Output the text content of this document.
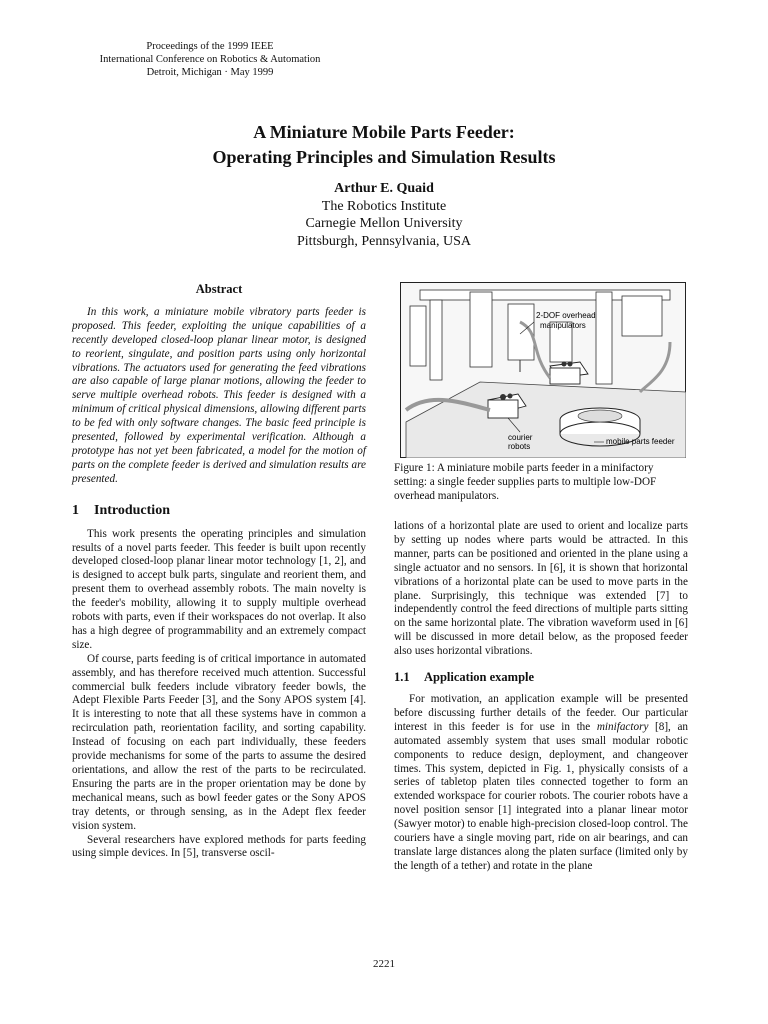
Proceedings of the 1999 IEEE
International Conference on Robotics & Automation
Detroit, Michigan · May 1999
A Miniature Mobile Parts Feeder:
Operating Principles and Simulation Results
Arthur E. Quaid
The Robotics Institute
Carnegie Mellon University
Pittsburgh, Pennsylvania, USA
Abstract

In this work, a miniature mobile vibratory parts feeder is proposed. This feeder, exploiting the unique capabilities of a recently developed closed-loop planar linear motor, is designed to reorient, singulate, and position parts using only horizontal vibrations. The actuators used for generating the feed vibrations are also capable of large planar motions, allowing the feeder to serve multiple overhead robots. This feeder is designed with a minimum of critical physical dimensions, allowing different parts to be fed with only software changes. The basic feed principle is presented, followed by experimental verification. Although a prototype has not yet been fabricated, a model for the motion of parts on the complete feeder is derived and simulation results are presented.

1 Introduction

This work presents the operating principles and simulation results of a novel parts feeder. This feeder is built upon recently developed closed-loop planar linear motor technology [1, 2], and is designed to accept bulk parts, singulate and reorient them, and present them to overhead assembly robots. The main novelty is the feeder's mobility, allowing it to supply multiple overhead robots with parts, even if their workspaces do not overlap. It also has a high degree of programmability and an extremely compact size.

Of course, parts feeding is of critical importance in automated assembly, and has therefore received much attention. Successful commercial bulk feeders include vibratory feeder bowls, the Adept Flexible Parts Feeder [3], and the Sony APOS system [4]. It is interesting to note that all these systems have in common a recirculation path, reorientation facility, and sorting capability. Instead of focusing on each part individually, these feeders provide mechanisms for some of the parts to assume the desired orientations, and allow the rest of the parts to be recirculated. Ensuring the parts are in the proper orientation may be done by mechanical means, such as bowl feeder gates or the Sony APOS tray detents, or through sensing, as in the Adept flex feeder vision system.

Several researchers have explored methods for parts feeding using simple devices. In [5], transverse oscil-

2-DOF overhead
manipulators
courier
robots
mobile parts feeder
Figure 1: A miniature mobile parts feeder in a minifactory setting: a single feeder supplies parts to multiple low-DOF overhead manipulators.

lations of a horizontal plate are used to orient and localize parts by setting up nodes where parts would be attracted. In this manner, parts can be positioned and oriented in the plane using a single actuator and no sensors. In [6], it is shown that horizontal vibrations of a horizontal plate can be used to move parts in the plane. Surprisingly, this technique was extended [7] to independently control the feed directions of multiple parts sitting on the same horizontal plate. The vibration waveform used in [6] will be discussed in more detail below, as the proposed feeder also uses horizontal vibrations.

1.1 Application example

For motivation, an application example will be presented before discussing further details of the feeder. Our particular interest in this feeder is for use in the minifactory [8], an automated assembly system that uses small modular robotic components to reduce design, deployment, and changeover times. This system, depicted in Fig. 1, physically consists of a series of tabletop platen tiles connected together to form an extended workspace for courier robots. The courier robots have a novel position sensor [1] integrated into a planar linear motor (Sawyer motor) to enable high-precision closed-loop control. The couriers have a single moving part, ride on air bearings, and can translate large distances along the platen surface (limited only by the length of a tether) and rotate in the plane

2221
